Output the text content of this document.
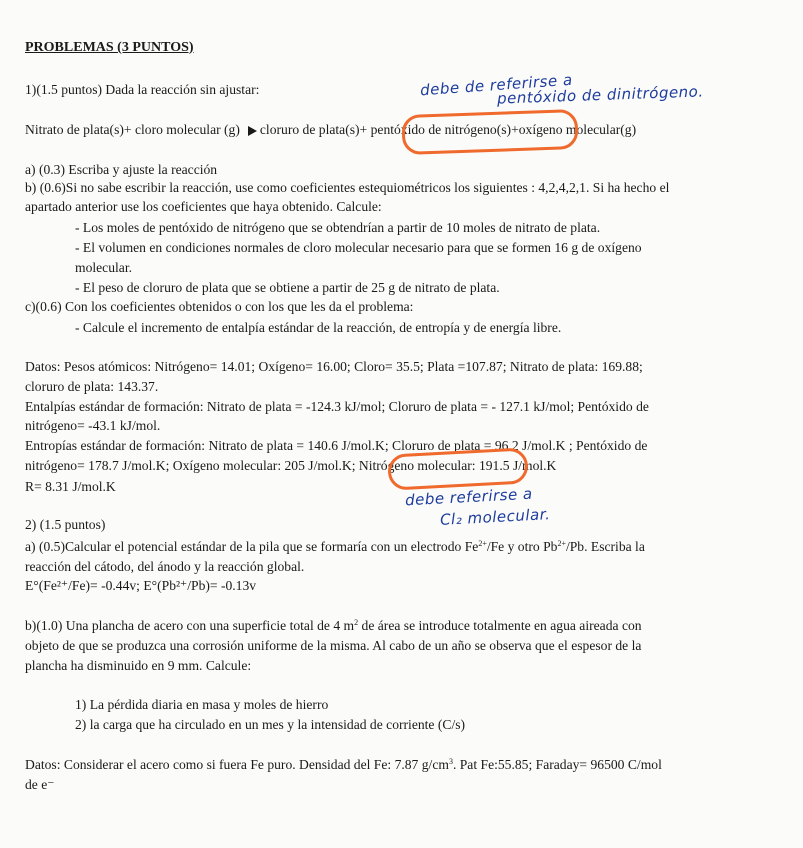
PROBLEMAS (3 PUNTOS)
1)(1.5 puntos) Dada la reacción sin ajustar:	debe de referirse a
pentóxido de dinitrógeno.
Nitrato de plata(s)+ cloro molecular (g) cloruro de plata(s)+ pentóxido de nitrógeno(s)+oxígeno molecular(g)
a) (0.3) Escriba y ajuste la reacción
b) (0.6)Si no sabe escribir la reacción, use como coeficientes estequiométricos los siguientes : 4,2,4,2,1. Si ha hecho el
apartado anterior use los coeficientes que haya obtenido. Calcule:
- Los moles de pentóxido de nitrógeno que se obtendrían a partir de 10 moles de nitrato de plata.
- El volumen en condiciones normales de cloro molecular necesario para que se formen 16 g de oxígeno
molecular.
- El peso de cloruro de plata que se obtiene a partir de 25 g de nitrato de plata.
c)(0.6) Con los coeficientes obtenidos o con los que les da el problema:
- Calcule el incremento de entalpía estándar de la reacción, de entropía y de energía libre.
Datos: Pesos atómicos: Nitrógeno= 14.01; Oxígeno= 16.00; Cloro= 35.5; Plata =107.87; Nitrato de plata: 169.88;
cloruro de plata: 143.37.
Entalpías estándar de formación: Nitrato de plata = -124.3 kJ/mol; Cloruro de plata = - 127.1 kJ/mol; Pentóxido de
nitrógeno= -43.1 kJ/mol.
Entropías estándar de formación: Nitrato de plata = 140.6 J/mol.K; Cloruro de plata = 96.2 J/mol.K ; Pentóxido de
nitrógeno= 178.7 J/mol.K; Oxígeno molecular: 205 J/mol.K; Nitrógeno molecular: 191.5 J/mol.K
R= 8.31 J/mol.K	debe referirse a
Cl₂ molecular.
2) (1.5 puntos)
a) (0.5)Calcular el potencial estándar de la pila que se formaría con un electrodo $Fe^{2+}/Fe$ y otro $Pb^{2+}/Pb$. Escriba la
reacción del cátodo, del ánodo y la reacción global.
E°(Fe²⁺/Fe)= -0.44v; E°(Pb²⁺/Pb)= -0.13v
b)(1.0) Una plancha de acero con una superficie total de 4 $m^2$ de área se introduce totalmente en agua aireada con
objeto de que se produzca una corrosión uniforme de la misma. Al cabo de un año se observa que el espesor de la
plancha ha disminuido en 9 mm. Calcule:
1) La pérdida diaria en masa y moles de hierro
2) la carga que ha circulado en un mes y la intensidad de corriente (C/s)
Datos: Considerar el acero como si fuera Fe puro. Densidad del Fe: 7.87 $g/cm^3$. Pat Fe:55.85; Faraday= 96500 C/mol
de e⁻
